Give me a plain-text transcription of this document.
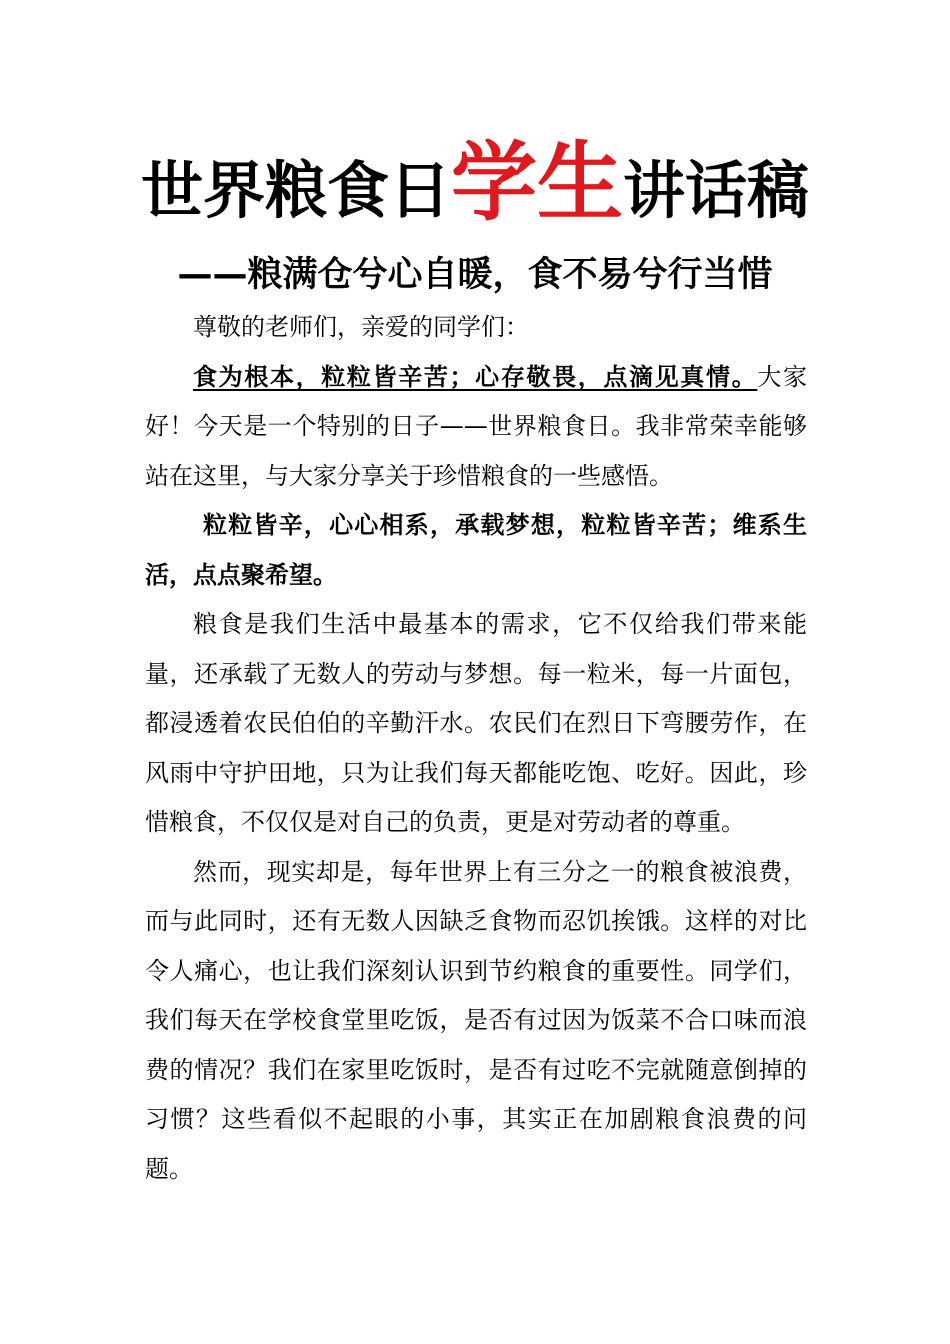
世界粮食日学生讲话稿
——粮满仓兮心自暖，食不易兮行当惜

尊敬的老师们，亲爱的同学们：

食为根本，粒粒皆辛苦；心存敬畏，点滴见真情。大家好！今天是一个特别的日子——世界粮食日。我非常荣幸能够站在这里，与大家分享关于珍惜粮食的一些感悟。

粒粒皆辛，心心相系，承载梦想，粒粒皆辛苦；维系生活，点点聚希望。

粮食是我们生活中最基本的需求，它不仅给我们带来能量，还承载了无数人的劳动与梦想。每一粒米，每一片面包，都浸透着农民伯伯的辛勤汗水。农民们在烈日下弯腰劳作，在风雨中守护田地，只为让我们每天都能吃饱、吃好。因此，珍惜粮食，不仅仅是对自己的负责，更是对劳动者的尊重。

然而，现实却是，每年世界上有三分之一的粮食被浪费，而与此同时，还有无数人因缺乏食物而忍饥挨饿。这样的对比令人痛心，也让我们深刻认识到节约粮食的重要性。同学们，我们每天在学校食堂里吃饭，是否有过因为饭菜不合口味而浪费的情况？我们在家里吃饭时，是否有过吃不完就随意倒掉的习惯？这些看似不起眼的小事，其实正在加剧粮食浪费的问题。
